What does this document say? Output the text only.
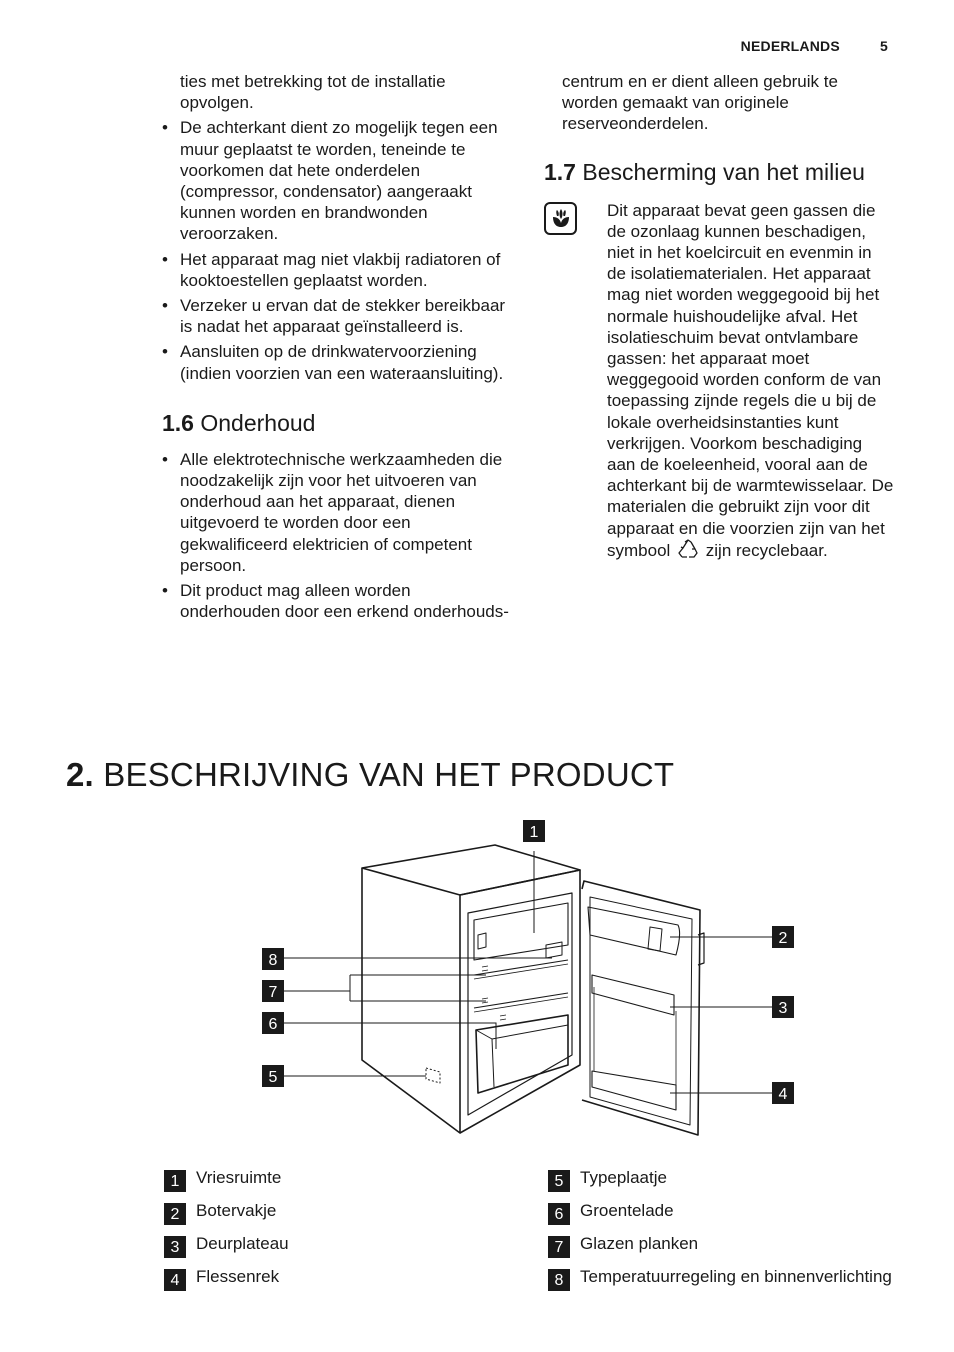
NEDERLANDS	5

ties met betrekking tot de installatie opvolgen.

• De achterkant dient zo mogelijk tegen een muur geplaatst te worden, teneinde te voorkomen dat hete onderdelen (compressor, condensator) aangeraakt kunnen worden en brandwonden veroorzaken.
• Het apparaat mag niet vlakbij radiatoren of kooktoestellen geplaatst worden.
• Verzeker u ervan dat de stekker bereikbaar is nadat het apparaat geïnstalleerd is.
• Aansluiten op de drinkwatervoorziening (indien voorzien van een wateraansluiting).
1.6 Onderhoud
• Alle elektrotechnische werkzaamheden die noodzakelijk zijn voor het uitvoeren van onderhoud aan het apparaat, dienen uitgevoerd te worden door een gekwalificeerd elektricien of competent persoon.
• Dit product mag alleen worden onderhouden door een erkend onderhouds-

centrum en er dient alleen gebruik te worden gemaakt van originele reserveonderdelen.

1.7 Bescherming van het milieu
Dit apparaat bevat geen gassen die de ozonlaag kunnen beschadigen, niet in het koelcircuit en evenmin in de isolatiematerialen. Het apparaat mag niet worden weggegooid bij het normale huishoudelijke afval. Het isolatieschuim bevat ontvlambare gassen: het apparaat moet weggegooid worden conform de van toepassing zijnde regels die u bij de lokale overheidsinstanties kunt verkrijgen. Voorkom beschadiging aan de koeleenheid, vooral aan de achterkant bij de warmtewisselaar. De materialen die gebruikt zijn voor dit apparaat en die voorzien zijn van het symbool zijn recyclebaar.
2. BESCHRIJVING VAN HET PRODUCT
1
8
7
6
5
2
3
4
1 Vriesruimte
2 Botervakje
3 Deurplateau
4 Flessenrek
5 Typeplaatje
6 Groentelade
7 Glazen planken
8 Temperatuurregeling en binnenverlichting
